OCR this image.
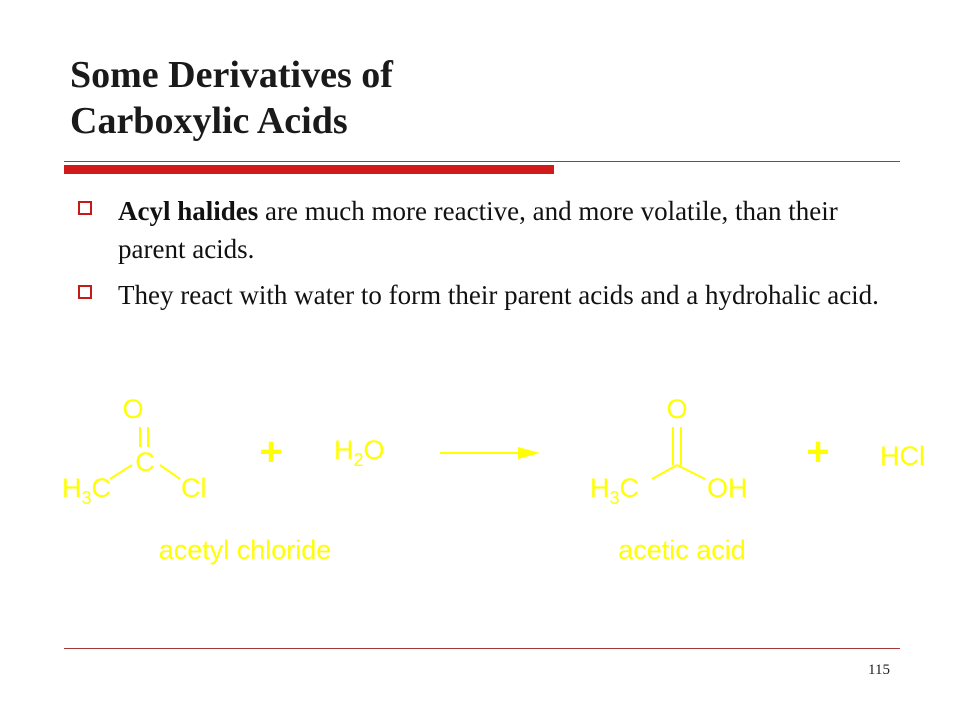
Some Derivatives of
Carboxylic Acids
Acyl halides are much more reactive, and more volatile, than their parent acids.
They react with water to form their parent acids and a hydrohalic acid.
O
C
$H_3C$	Cl
acetyl chloride
+ $H_2O$
O
$H_3C$	OH
acetic acid
+ HCl
115
